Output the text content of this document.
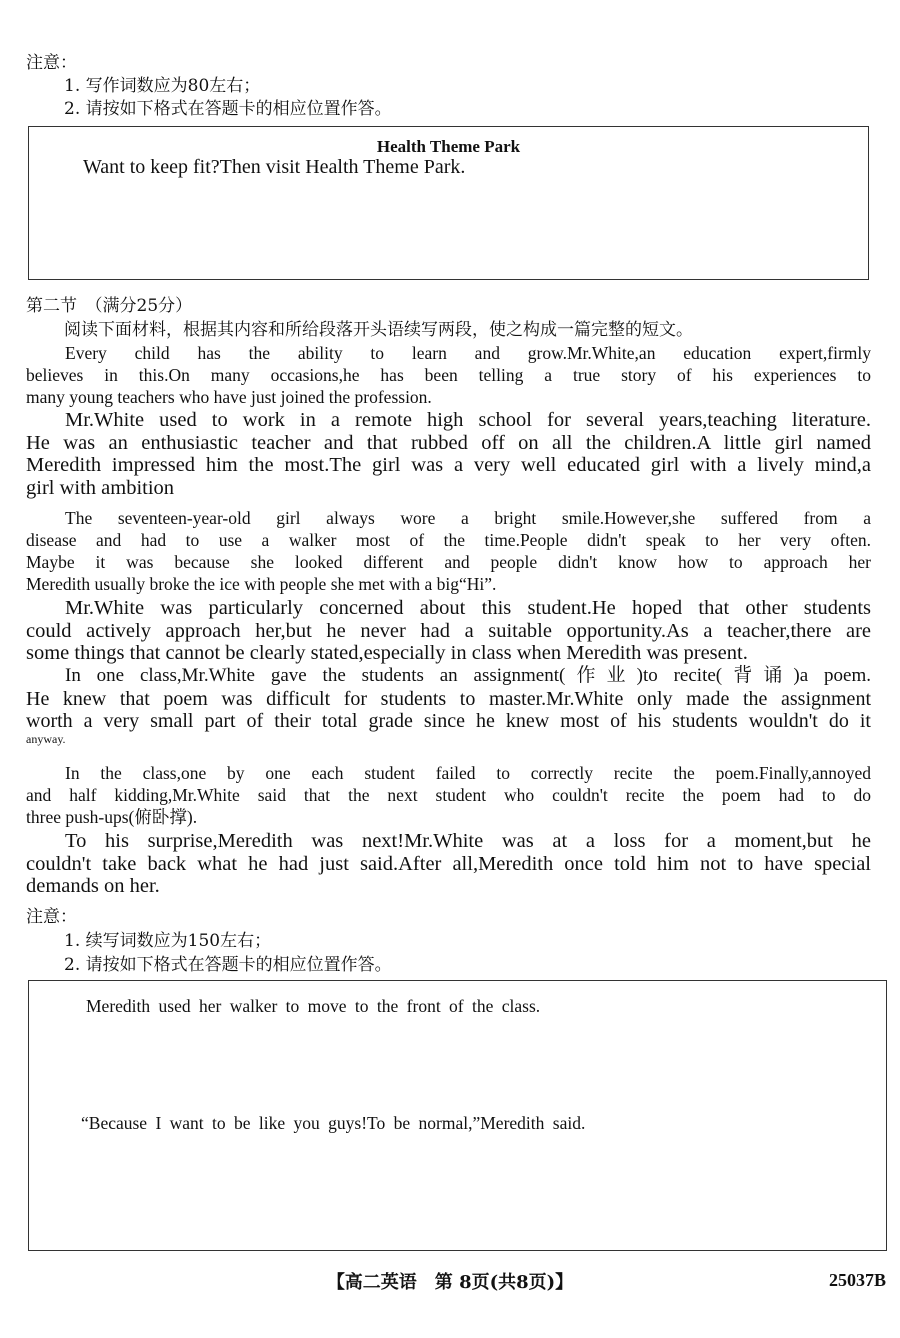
注意：
1. 写作词数应为80左右；
2. 请按如下格式在答题卡的相应位置作答。
Health Theme Park
Want to keep fit?Then visit Health Theme Park.
第二节　（满分25分）
阅读下面材料，根据其内容和所给段落开头语续写两段，使之构成一篇完整的短文。
Every child has the ability to learn and grow.Mr.White,an education expert,firmly
believes in this.On many occasions,he has been telling a true story of his experiences to
many young teachers who have just joined the profession.
Mr.White used to work in a remote high school for several years,teaching literature.
He was an enthusiastic teacher and that rubbed off on all the children.A little girl named
Meredith impressed him the most.The girl was a very well educated girl with a lively mind,a
girl with ambition
The seventeen-year-old girl always wore a bright smile.However,she suffered from a
disease and had to use a walker most of the time.People didn't speak to her very often.
Maybe it was because she looked different and people didn't know how to approach her
Meredith usually broke the ice with people she met with a big“Hi”.
Mr.White was particularly concerned about this student.He hoped that other students
could actively approach her,but he never had a suitable opportunity.As a teacher,there are
some things that cannot be clearly stated,especially in class when Meredith was present.
In one class,Mr.White gave the students an assignment(作业)to recite(背诵)a poem.
He knew that poem was difficult for students to master.Mr.White only made the assignment
worth a very small part of their total grade since he knew most of his students wouldn't do it
anyway.
In the class,one by one each student failed to correctly recite the poem.Finally,annoyed
and half kidding,Mr.White said that the next student who couldn't recite the poem had to do
three push-ups(俯卧撑).
To his surprise,Meredith was next!Mr.White was at a loss for a moment,but he
couldn't take back what he had just said.After all,Meredith once told him not to have special
demands on her.
注意：
1. 续写词数应为150左右；
2. 请按如下格式在答题卡的相应位置作答。
Meredith used her walker to move to the front of the class.
“Because I want to be like you guys!To be normal,”Meredith said.
【高二英语　第 8页(共8页)】	25037B
